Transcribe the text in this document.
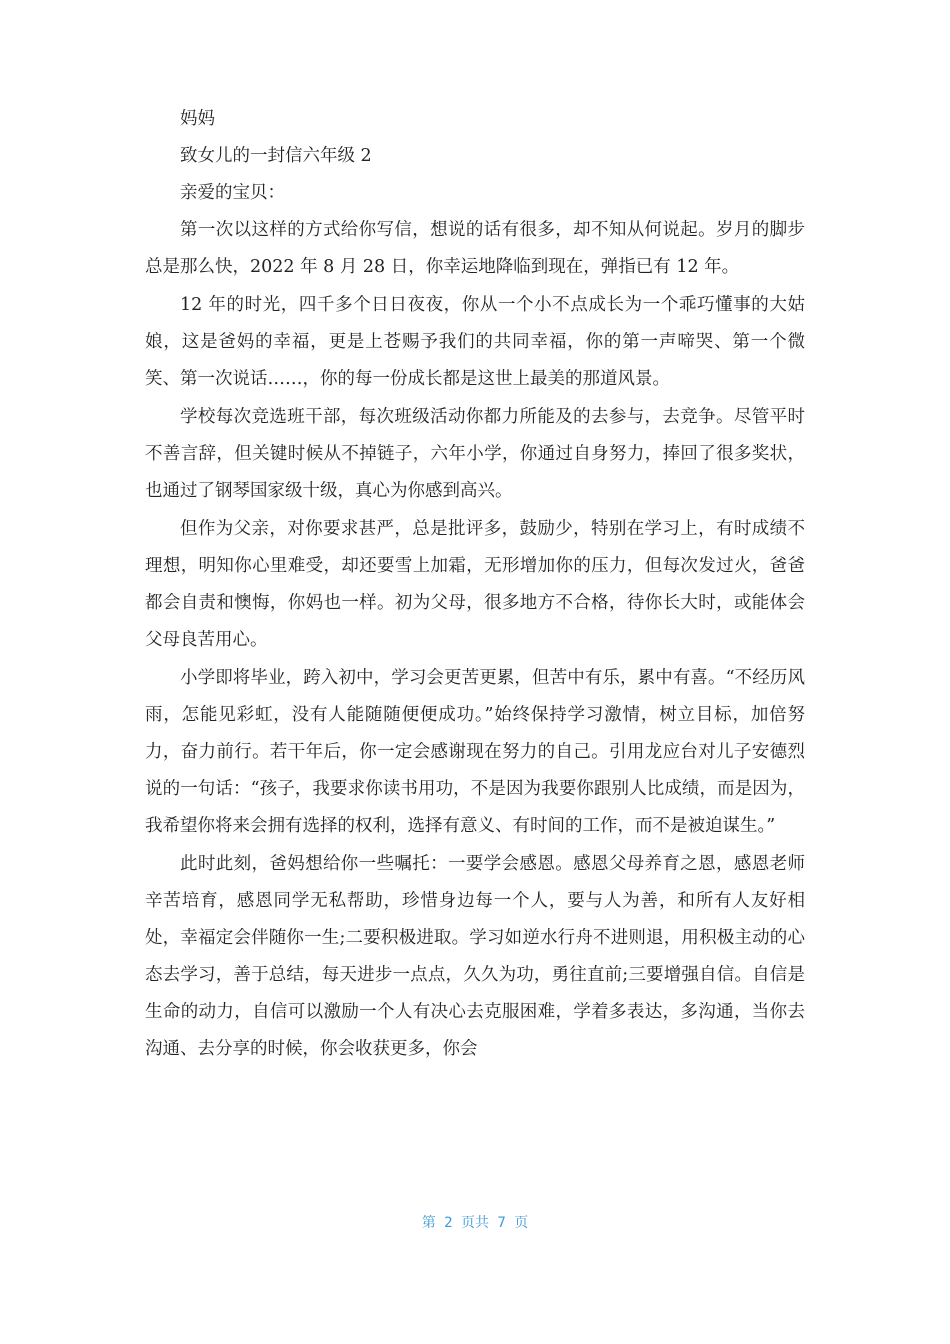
妈妈

致女儿的一封信六年级 2

亲爱的宝贝：

第一次以这样的方式给你写信，想说的话有很多，却不知从何说起。岁月的脚步总是那么快，2022 年 8 月 28 日，你幸运地降临到现在，弹指已有 12 年。

12 年的时光，四千多个日日夜夜，你从一个小不点成长为一个乖巧懂事的大姑娘，这是爸妈的幸福，更是上苍赐予我们的共同幸福，你的第一声啼哭、第一个微笑、第一次说话……，你的每一份成长都是这世上最美的那道风景。

学校每次竞选班干部，每次班级活动你都力所能及的去参与，去竞争。尽管平时不善言辞，但关键时候从不掉链子，六年小学，你通过自身努力，捧回了很多奖状，也通过了钢琴国家级十级，真心为你感到高兴。

但作为父亲，对你要求甚严，总是批评多，鼓励少，特别在学习上，有时成绩不理想，明知你心里难受，却还要雪上加霜，无形增加你的压力，但每次发过火，爸爸都会自责和懊悔，你妈也一样。初为父母，很多地方不合格，待你长大时，或能体会父母良苦用心。

小学即将毕业，跨入初中，学习会更苦更累，但苦中有乐，累中有喜。“不经历风雨，怎能见彩虹，没有人能随随便便成功。”始终保持学习激情，树立目标，加倍努力，奋力前行。若干年后，你一定会感谢现在努力的自己。引用龙应台对儿子安德烈说的一句话：“孩子，我要求你读书用功，不是因为我要你跟别人比成绩，而是因为，我希望你将来会拥有选择的权利，选择有意义、有时间的工作，而不是被迫谋生。”

此时此刻，爸妈想给你一些嘱托：一要学会感恩。感恩父母养育之恩，感恩老师辛苦培育，感恩同学无私帮助，珍惜身边每一个人，要与人为善，和所有人友好相处，幸福定会伴随你一生;二要积极进取。学习如逆水行舟不进则退，用积极主动的心态去学习，善于总结，每天进步一点点，久久为功，勇往直前;三要增强自信。自信是生命的动力，自信可以激励一个人有决心去克服困难，学着多表达，多沟通，当你去沟通、去分享的时候，你会收获更多，你会

第 2 页共 7 页
